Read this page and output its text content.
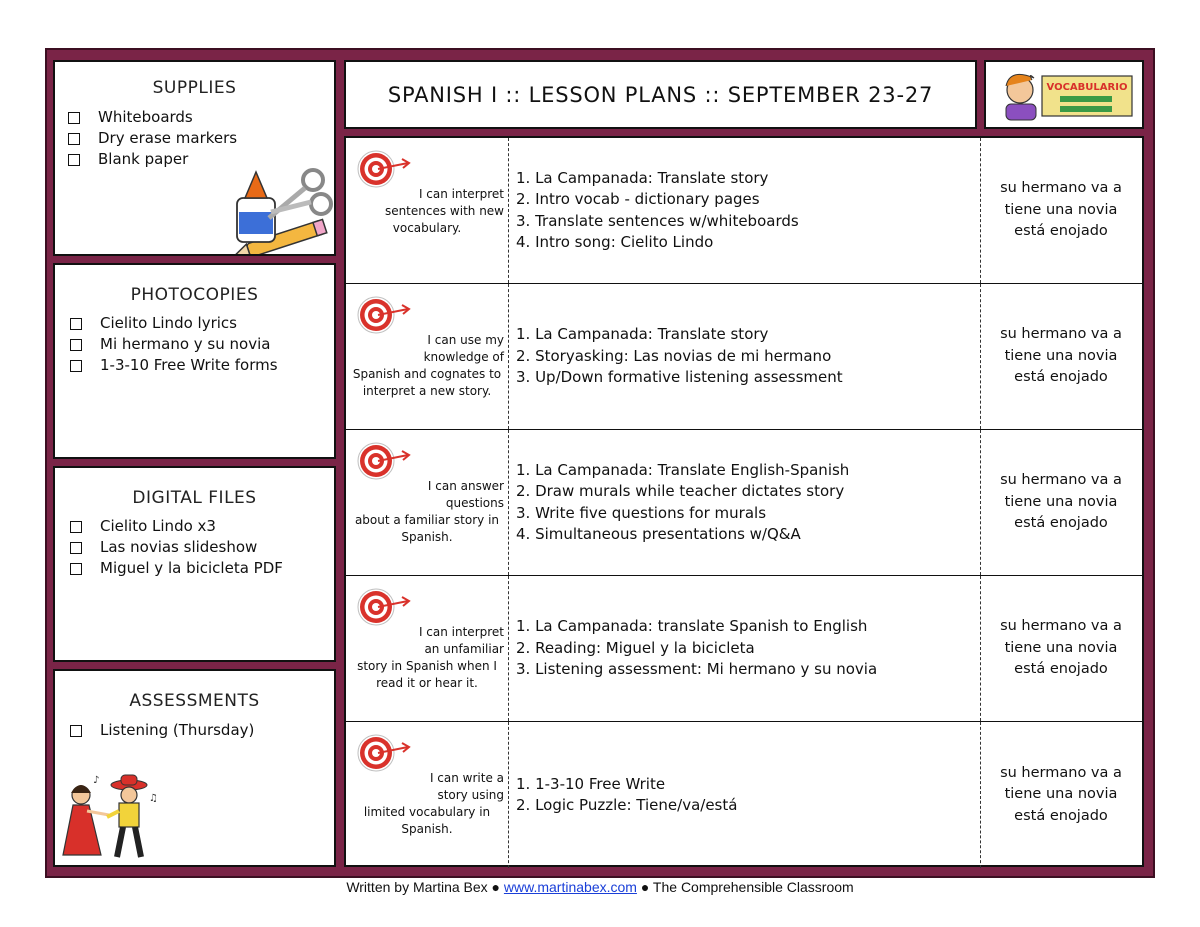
SUPPLIES
Whiteboards
Dry erase markers
Blank paper
PHOTOCOPIES
Cielito Lindo lyrics
Mi hermano y su novia
1-3-10 Free Write forms
DIGITAL FILES
Cielito Lindo x3
Las novias slideshow
Miguel y la bicicleta PDF
ASSESSMENTS
Listening (Thursday)
♪
♫
SPANISH I :: LESSON PLANS :: SEPTEMBER 23-27	VOCABULARIO
I can interpret
sentences with new
vocabulary.
1. La Campanada: Translate story
2. Intro vocab - dictionary pages
3. Translate sentences w/whiteboards
4. Intro song: Cielito Lindo
su hermano va a
tiene una novia
está enojado
I can use my
knowledge of
Spanish and cognates to
interpret a new story.
1. La Campanada: Translate story
2. Storyasking: Las novias de mi hermano
3. Up/Down formative listening assessment
su hermano va a
tiene una novia
está enojado
I can answer
questions
about a familiar story in
Spanish.
1. La Campanada: Translate English-Spanish
2. Draw murals while teacher dictates story
3. Write five questions for murals
4. Simultaneous presentations w/Q&A
su hermano va a
tiene una novia
está enojado
I can interpret
an unfamiliar
story in Spanish when I
read it or hear it.
1. La Campanada: translate Spanish to English
2. Reading: Miguel y la bicicleta
3. Listening assessment: Mi hermano y su novia
su hermano va a
tiene una novia
está enojado
I can write a
story using
limited vocabulary in
Spanish.
1. 1-3-10 Free Write
2. Logic Puzzle: Tiene/va/está
su hermano va a
tiene una novia
está enojado
Written by Martina Bex ● www.martinabex.com ● The Comprehensible Classroom
